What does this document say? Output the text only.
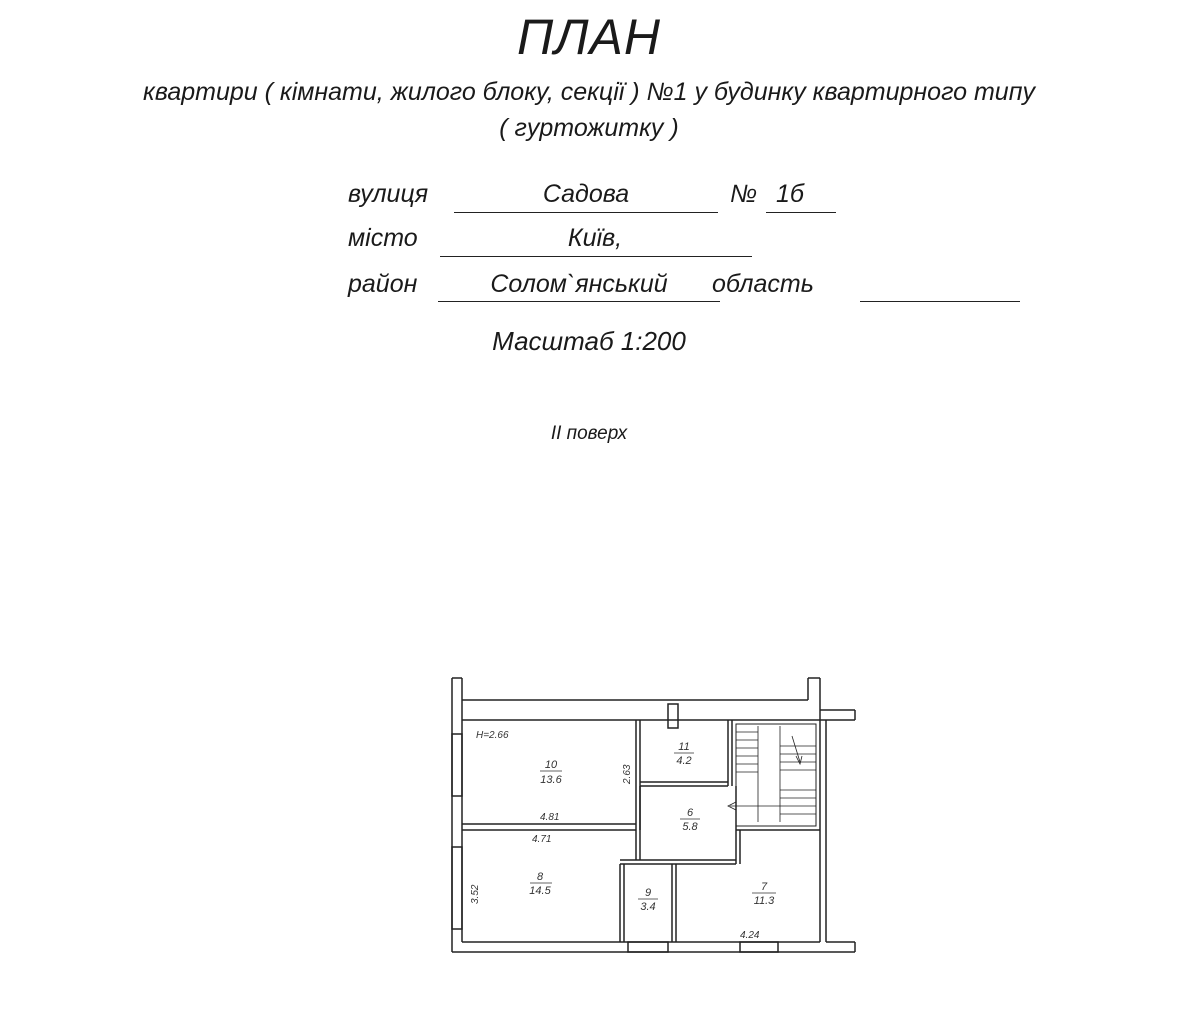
ПЛАН
квартири ( кімнати, жилого блоку, секції ) №1 у будинку квартирного типу
( гуртожитку )
вулиця	Садова	№ 1б
місто	Київ,
район	Солом`янський	область
Масштаб 1:200
ІІ поверх
Н=2.66
10
13.6
11
4.2
6
5.8
8
14.5	9
3.4
7
11.3
4.81
4.71
4.24
2.63
3.52
